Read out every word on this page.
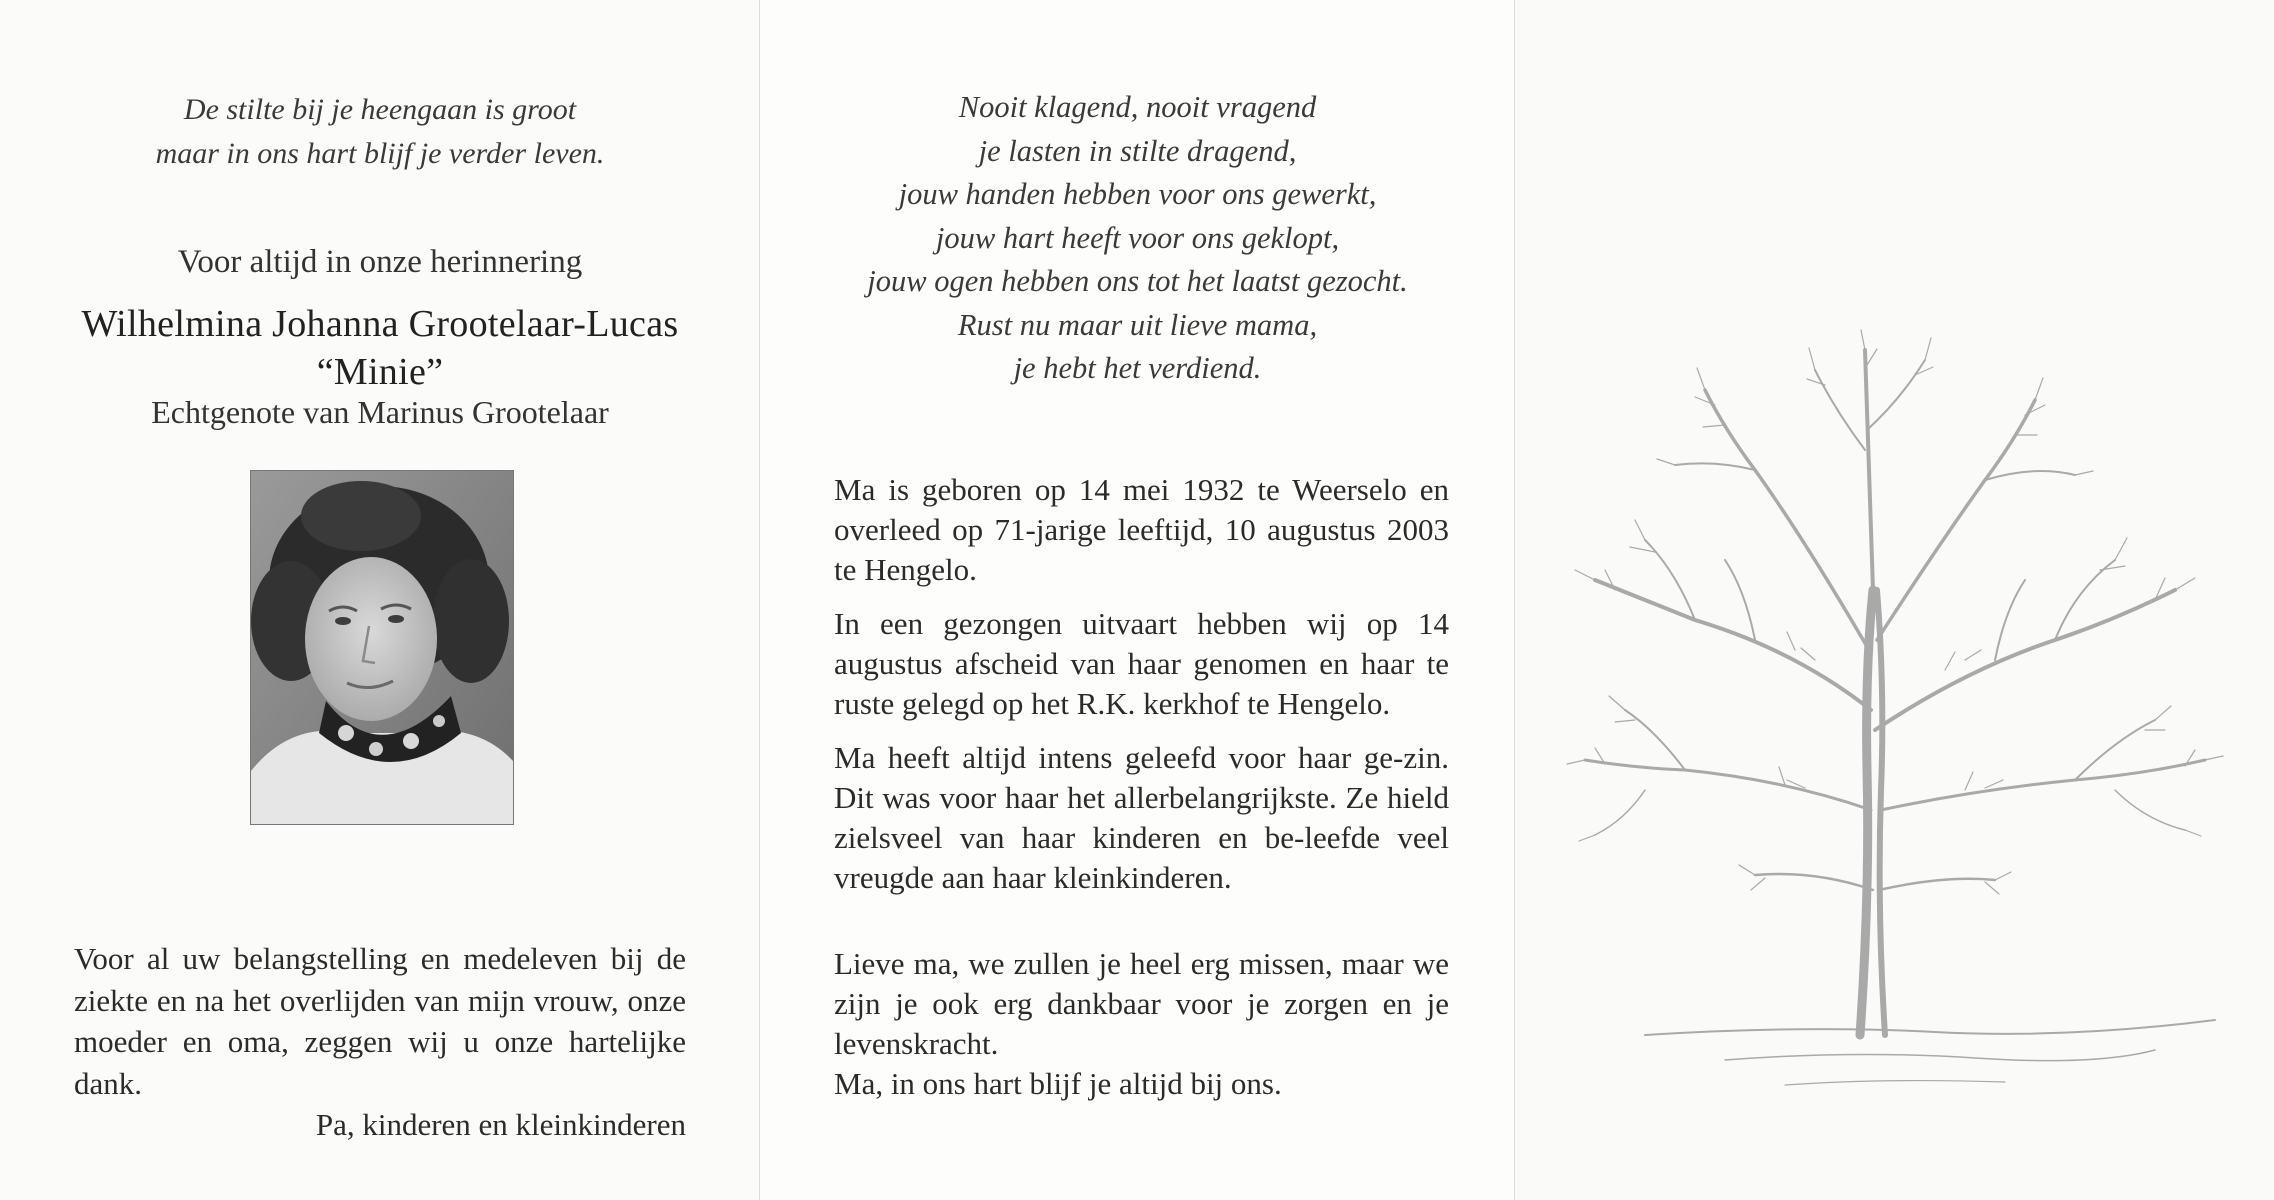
De stilte bij je heengaan is groot
maar in ons hart blijf je verder leven.
Voor altijd in onze herinnering
Wilhelmina Johanna Grootelaar-Lucas
“Minie”
Echtgenote van Marinus Grootelaar
Voor al uw belangstelling en medeleven bij de ziekte en na het overlijden van mijn vrouw, onze moeder en oma, zeggen wij u onze hartelijke dank.
Pa, kinderen en kleinkinderen
Nooit klagend, nooit vragend
je lasten in stilte dragend,
jouw handen hebben voor ons gewerkt,
jouw hart heeft voor ons geklopt,
jouw ogen hebben ons tot het laatst gezocht.
Rust nu maar uit lieve mama,
je hebt het verdiend.

Ma is geboren op 14 mei 1932 te Weerselo en overleed op 71-jarige leeftijd, 10 augustus 2003 te Hengelo.

In een gezongen uitvaart hebben wij op 14 augustus afscheid van haar genomen en haar te ruste gelegd op het R.K. kerkhof te Hengelo.

Ma heeft altijd intens geleefd voor haar ge-zin. Dit was voor haar het allerbelangrijkste. Ze hield zielsveel van haar kinderen en be-leefde veel vreugde aan haar kleinkinderen.

Lieve ma, we zullen je heel erg missen, maar we zijn je ook erg dankbaar voor je zorgen en je levenskracht.

Ma, in ons hart blijf je altijd bij ons.
